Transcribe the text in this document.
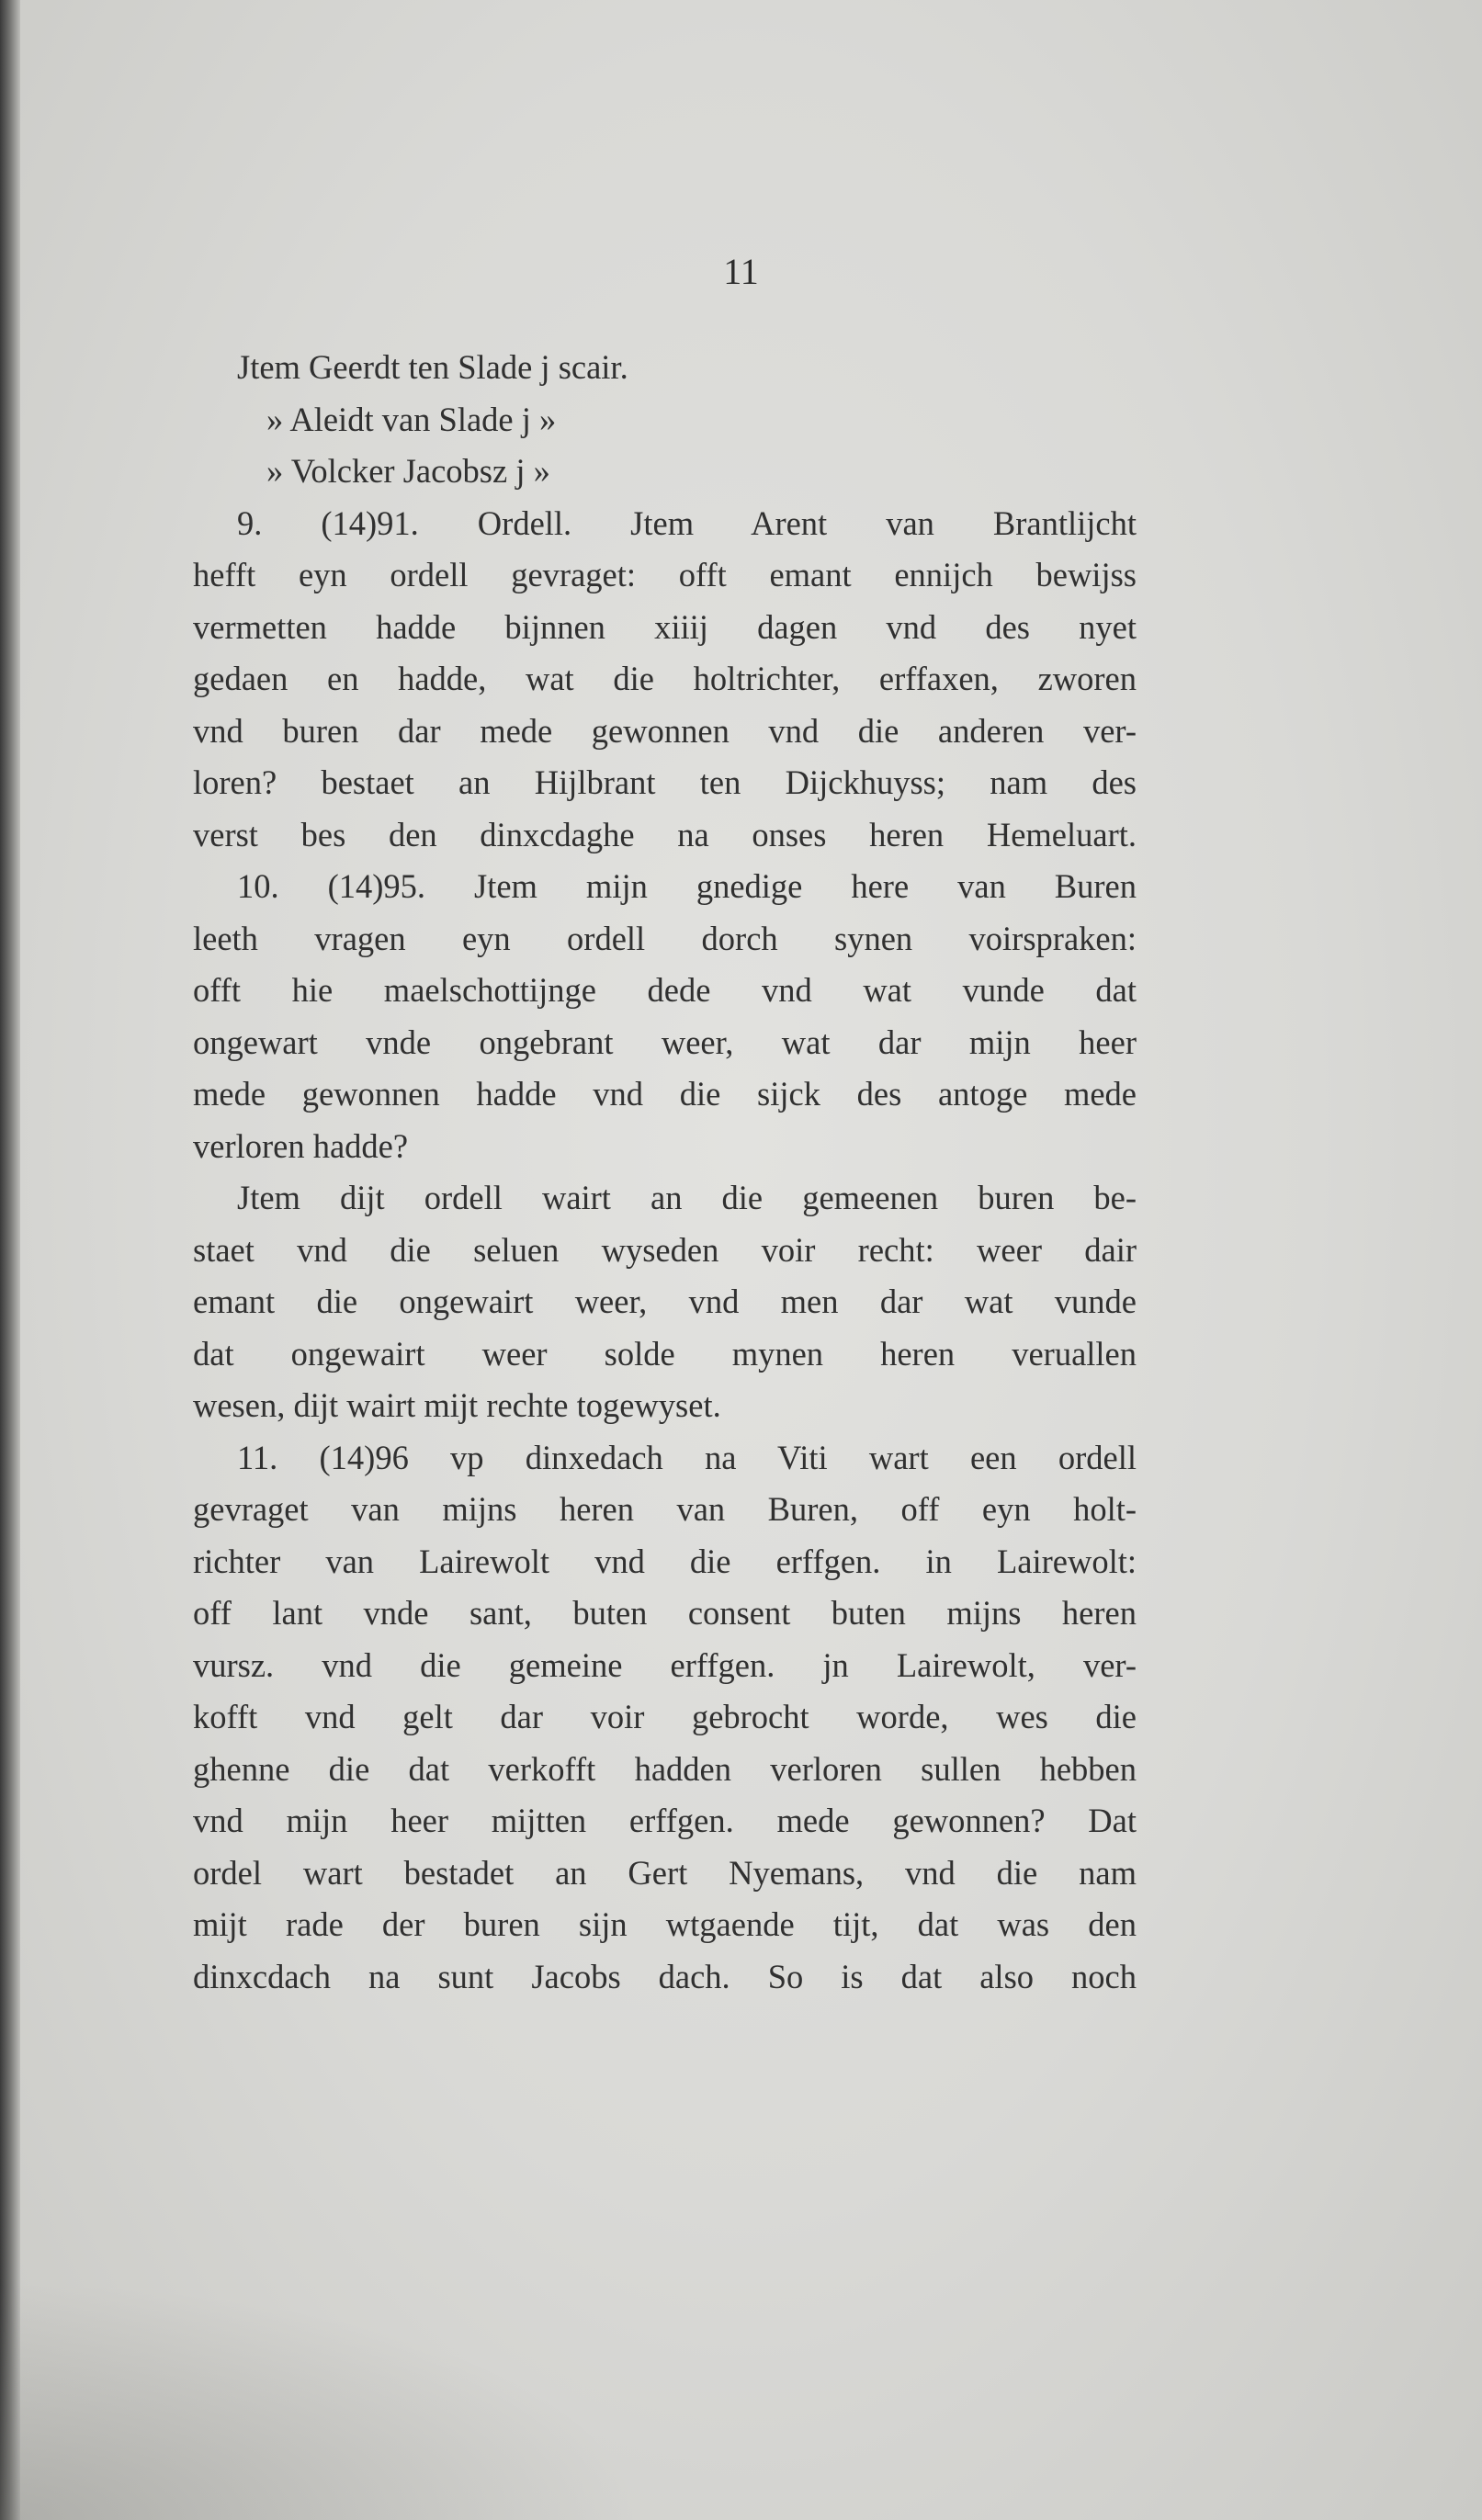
11
Jtem Geerdt ten Slade j scair.
» Aleidt van Slade j »
» Volcker Jacobsz j »
9. (14)91. Ordell. Jtem Arent van Brantlijcht
hefft eyn ordell gevraget: offt emant ennijch bewijss
vermetten hadde bijnnen xiiij dagen vnd des nyet
gedaen en hadde, wat die holtrichter, erffaxen, zworen
vnd buren dar mede gewonnen vnd die anderen ver-
loren? bestaet an Hijlbrant ten Dijckhuyss; nam des
verst bes den dinxcdaghe na onses heren Hemeluart.
10. (14)95. Jtem mijn gnedige here van Buren
leeth vragen eyn ordell dorch synen voirspraken:
offt hie maelschottijnge dede vnd wat vunde dat
ongewart vnde ongebrant weer, wat dar mijn heer
mede gewonnen hadde vnd die sijck des antoge mede
verloren hadde?
Jtem dijt ordell wairt an die gemeenen buren be-
staet vnd die seluen wyseden voir recht: weer dair
emant die ongewairt weer, vnd men dar wat vunde
dat ongewairt weer solde mynen heren veruallen
wesen, dijt wairt mijt rechte togewyset.
11. (14)96 vp dinxedach na Viti wart een ordell
gevraget van mijns heren van Buren, off eyn holt-
richter van Lairewolt vnd die erffgen. in Lairewolt:
off lant vnde sant, buten consent buten mijns heren
vursz. vnd die gemeine erffgen. jn Lairewolt, ver-
kofft vnd gelt dar voir gebrocht worde, wes die
ghenne die dat verkofft hadden verloren sullen hebben
vnd mijn heer mijtten erffgen. mede gewonnen? Dat
ordel wart bestadet an Gert Nyemans, vnd die nam
mijt rade der buren sijn wtgaende tijt, dat was den
dinxcdach na sunt Jacobs dach. So is dat also noch
